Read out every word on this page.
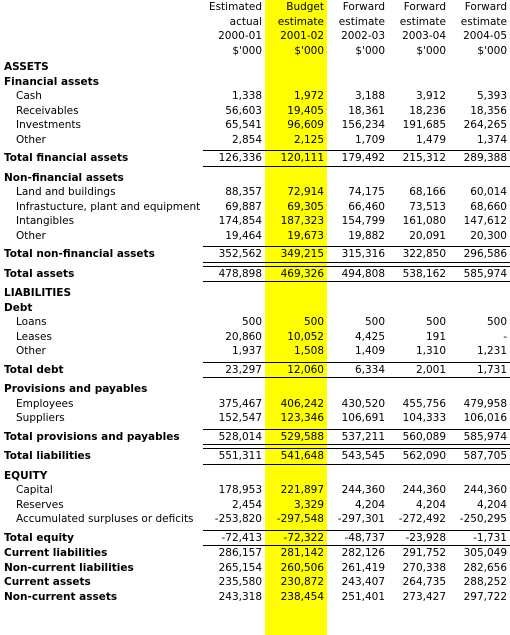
	Estimated	Budget	Forward	Forward	Forward
	actual	estimate	estimate	estimate	estimate
	2000-01	2001-02	2002-03	2003-04	2004-05
	$'000	$'000	$'000	$'000	$'000

ASSETS					
Financial assets					
Cash	1,338	1,972	3,188	3,912	5,393
Receivables	56,603	19,405	18,361	18,236	18,356
Investments	65,541	96,609	156,234	191,685	264,265
Other	2,854	2,125	1,709	1,479	1,374

Total financial assets	126,336	120,111	179,492	215,312	289,388

Non-financial assets					
Land and buildings	88,357	72,914	74,175	68,166	60,014
Infrastucture, plant and equipment	69,887	69,305	66,460	73,513	68,660
Intangibles	174,854	187,323	154,799	161,080	147,612
Other	19,464	19,673	19,882	20,091	20,300

Total non-financial assets	352,562	349,215	315,316	322,850	296,586

Total assets	478,898	469,326	494,808	538,162	585,974

LIABILITIES					
Debt					
Loans	500	500	500	500	500
Leases	20,860	10,052	4,425	191	-
Other	1,937	1,508	1,409	1,310	1,231

Total debt	23,297	12,060	6,334	2,001	1,731

Provisions and payables					
Employees	375,467	406,242	430,520	455,756	479,958
Suppliers	152,547	123,346	106,691	104,333	106,016

Total provisions and payables	528,014	529,588	537,211	560,089	585,974

Total liabilities	551,311	541,648	543,545	562,090	587,705

EQUITY					
Capital	178,953	221,897	244,360	244,360	244,360
Reserves	2,454	3,329	4,204	4,204	4,204
Accumulated surpluses or deficits	-253,820	-297,548	-297,301	-272,492	-250,295

Total equity	-72,413	-72,322	-48,737	-23,928	-1,731
Current liabilities	286,157	281,142	282,126	291,752	305,049
Non-current liabilities	265,154	260,506	261,419	270,338	282,656
Current assets	235,580	230,872	243,407	264,735	288,252
Non-current assets	243,318	238,454	251,401	273,427	297,722
